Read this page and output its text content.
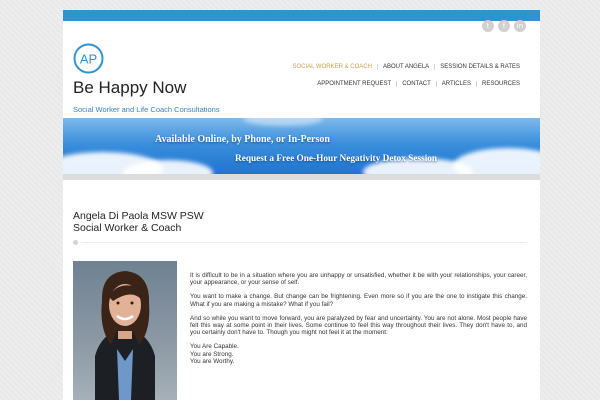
t	f	in
AP
Be Happy Now
Social Worker and Life Coach Consultations
SOCIAL WORKER & COACH	ABOUT ANGELA	SESSION DETAILS & RATES
APPOINTMENT REQUEST	CONTACT	ARTICLES	RESOURCES
Available Online, by Phone, or In-Person
Request a Free One-Hour Negativity Detox Session
Angela Di Paola MSW PSW
Social Worker & Coach

It is difficult to be in a situation where you are unhappy or unsatisfied, whether it be with your relationships, your career, your appearance, or your sense of self.

You want to make a change. But change can be frightening. Even more so if you are the one to instigate this change. What if you are making a mistake? What if you fail?

And so while you want to move forward, you are paralyzed by fear and uncertainty. You are not alone. Most people have felt this way at some point in their lives. Some continue to feel this way throughout their lives. They don't have to, and you certainly don't have to. Though you might not feel it at the moment:

You Are Capable.
You are Strong.
You are Worthy.
